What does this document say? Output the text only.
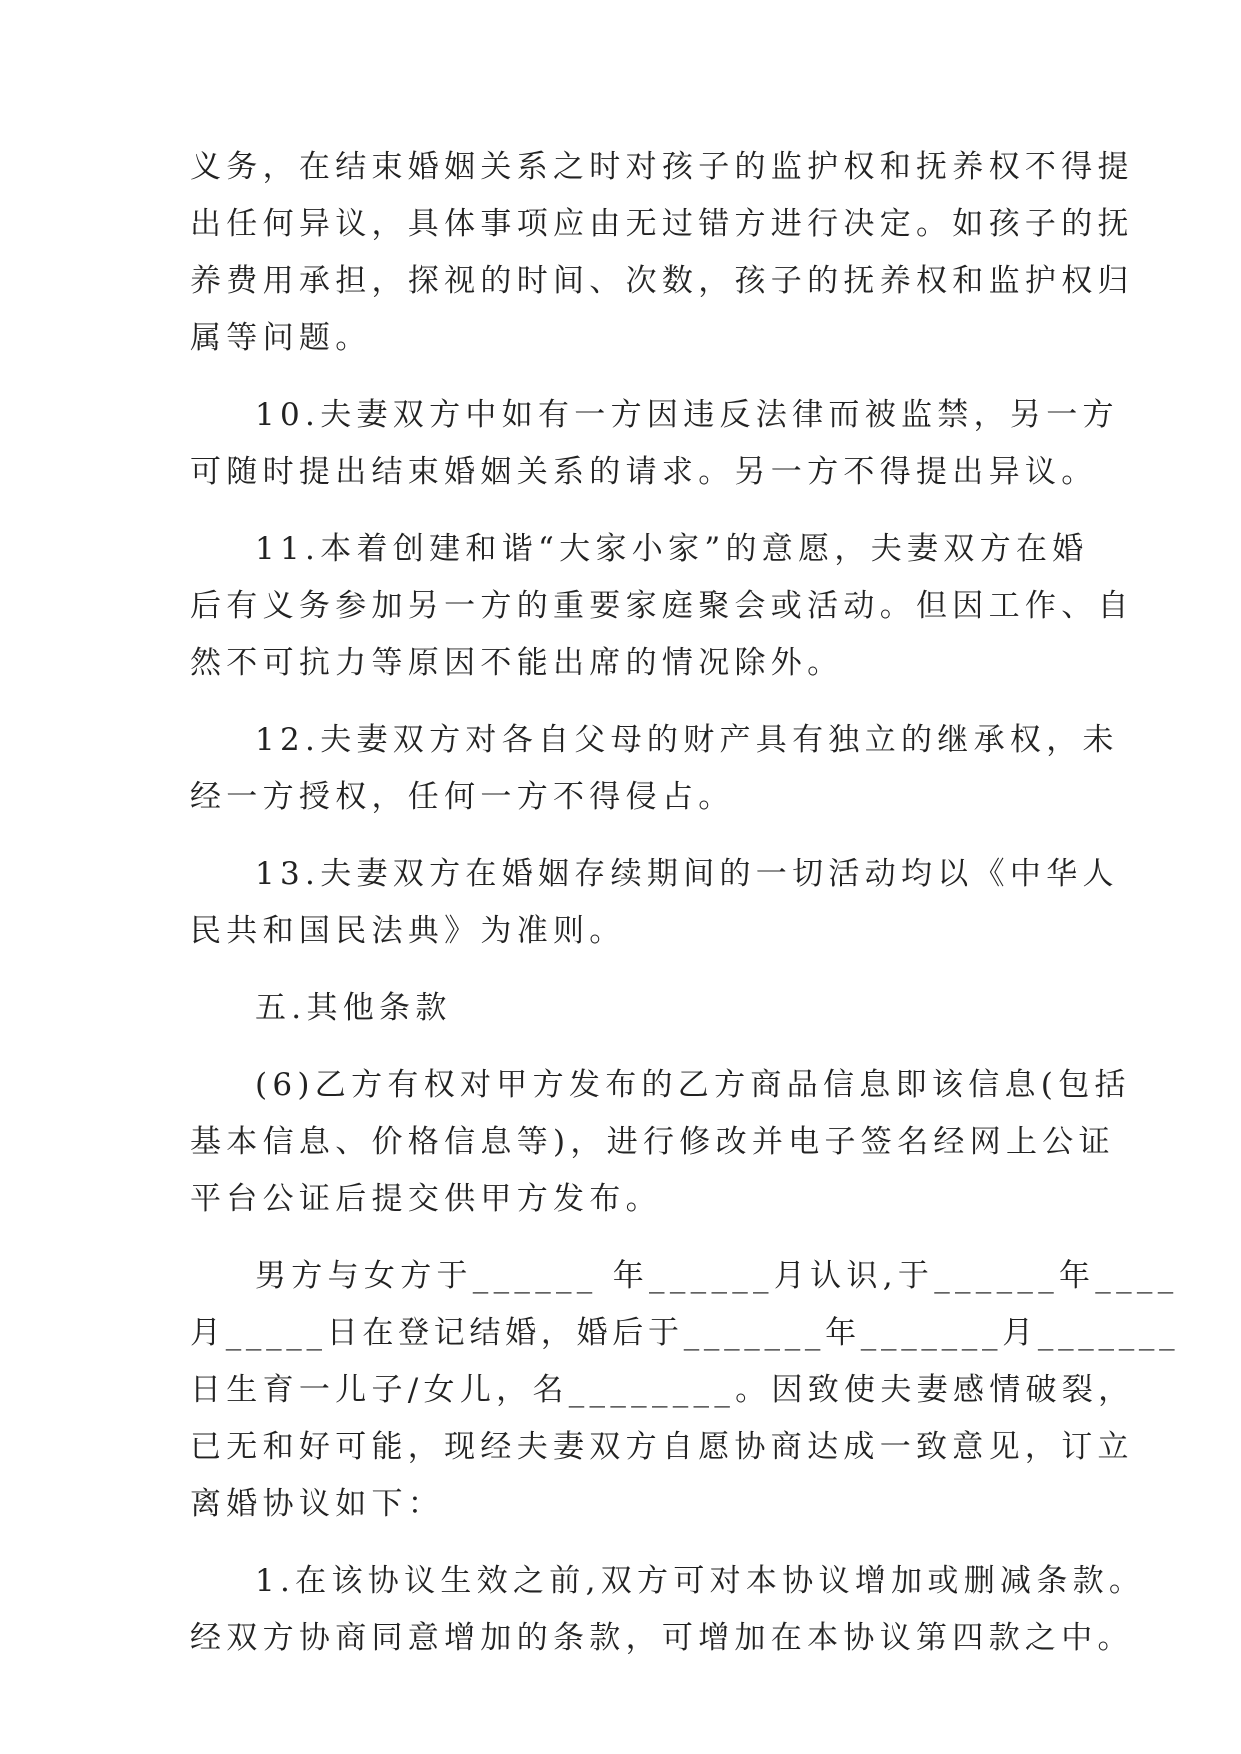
义务，在结束婚姻关系之时对孩子的监护权和抚养权不得提
出任何异议，具体事项应由无过错方进行决定。如孩子的抚
养费用承担，探视的时间、次数，孩子的抚养权和监护权归
属等问题。
10.夫妻双方中如有一方因违反法律而被监禁，另一方
可随时提出结束婚姻关系的请求。另一方不得提出异议。
11.本着创建和谐“大家小家”的意愿，夫妻双方在婚
后有义务参加另一方的重要家庭聚会或活动。但因工作、自
然不可抗力等原因不能出席的情况除外。
12.夫妻双方对各自父母的财产具有独立的继承权，未
经一方授权，任何一方不得侵占。
13.夫妻双方在婚姻存续期间的一切活动均以《中华人
民共和国民法典》为准则。
五.其他条款
(6)乙方有权对甲方发布的乙方商品信息即该信息(包括
基本信息、价格信息等)，进行修改并电子签名经网上公证
平台公证后提交供甲方发布。
男方与女方于______ 年______月认识,于______年____
月_____日在登记结婚，婚后于_______年_______月_______
日生育一儿子/女儿，名________。因致使夫妻感情破裂，
已无和好可能，现经夫妻双方自愿协商达成一致意见，订立
离婚协议如下：
1.在该协议生效之前,双方可对本协议增加或删减条款。
经双方协商同意增加的条款，可增加在本协议第四款之中。
